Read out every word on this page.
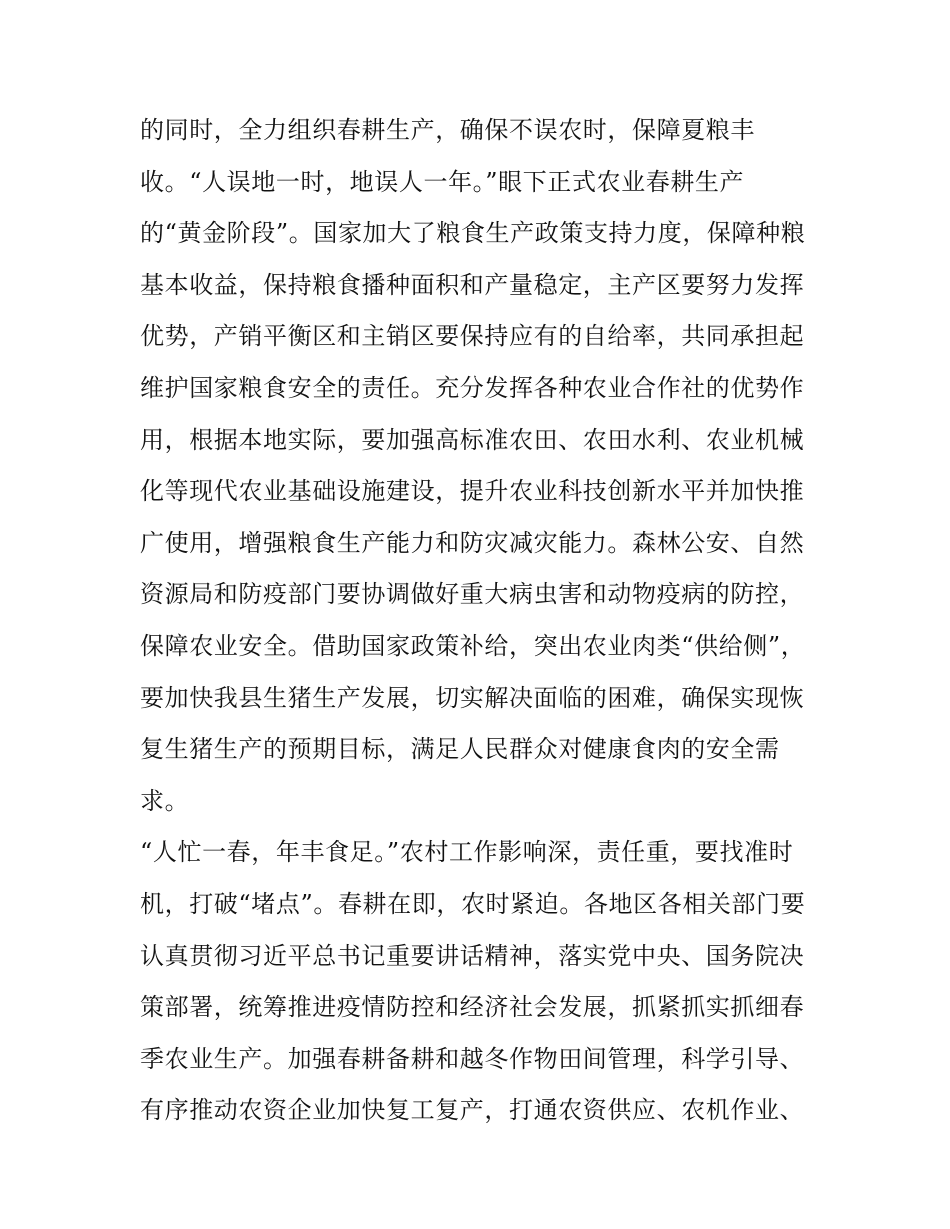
的同时，全力组织春耕生产，确保不误农时，保障夏粮丰
收。“人误地一时，地误人一年。”眼下正式农业春耕生产
的“黄金阶段”。国家加大了粮食生产政策支持力度，保障种粮
基本收益，保持粮食播种面积和产量稳定，主产区要努力发挥
优势，产销平衡区和主销区要保持应有的自给率，共同承担起
维护国家粮食安全的责任。充分发挥各种农业合作社的优势作
用，根据本地实际，要加强高标准农田、农田水利、农业机械
化等现代农业基础设施建设，提升农业科技创新水平并加快推
广使用，增强粮食生产能力和防灾减灾能力。森林公安、自然
资源局和防疫部门要协调做好重大病虫害和动物疫病的防控，
保障农业安全。借助国家政策补给，突出农业肉类“供给侧”，
要加快我县生猪生产发展，切实解决面临的困难，确保实现恢
复生猪生产的预期目标，满足人民群众对健康食肉的安全需
求。
“人忙一春，年丰食足。”农村工作影响深，责任重，要找准时
机，打破“堵点”。春耕在即，农时紧迫。各地区各相关部门要
认真贯彻习近平总书记重要讲话精神，落实党中央、国务院决
策部署，统筹推进疫情防控和经济社会发展，抓紧抓实抓细春
季农业生产。加强春耕备耕和越冬作物田间管理，科学引导、
有序推动农资企业加快复工复产，打通农资供应、农机作业、
